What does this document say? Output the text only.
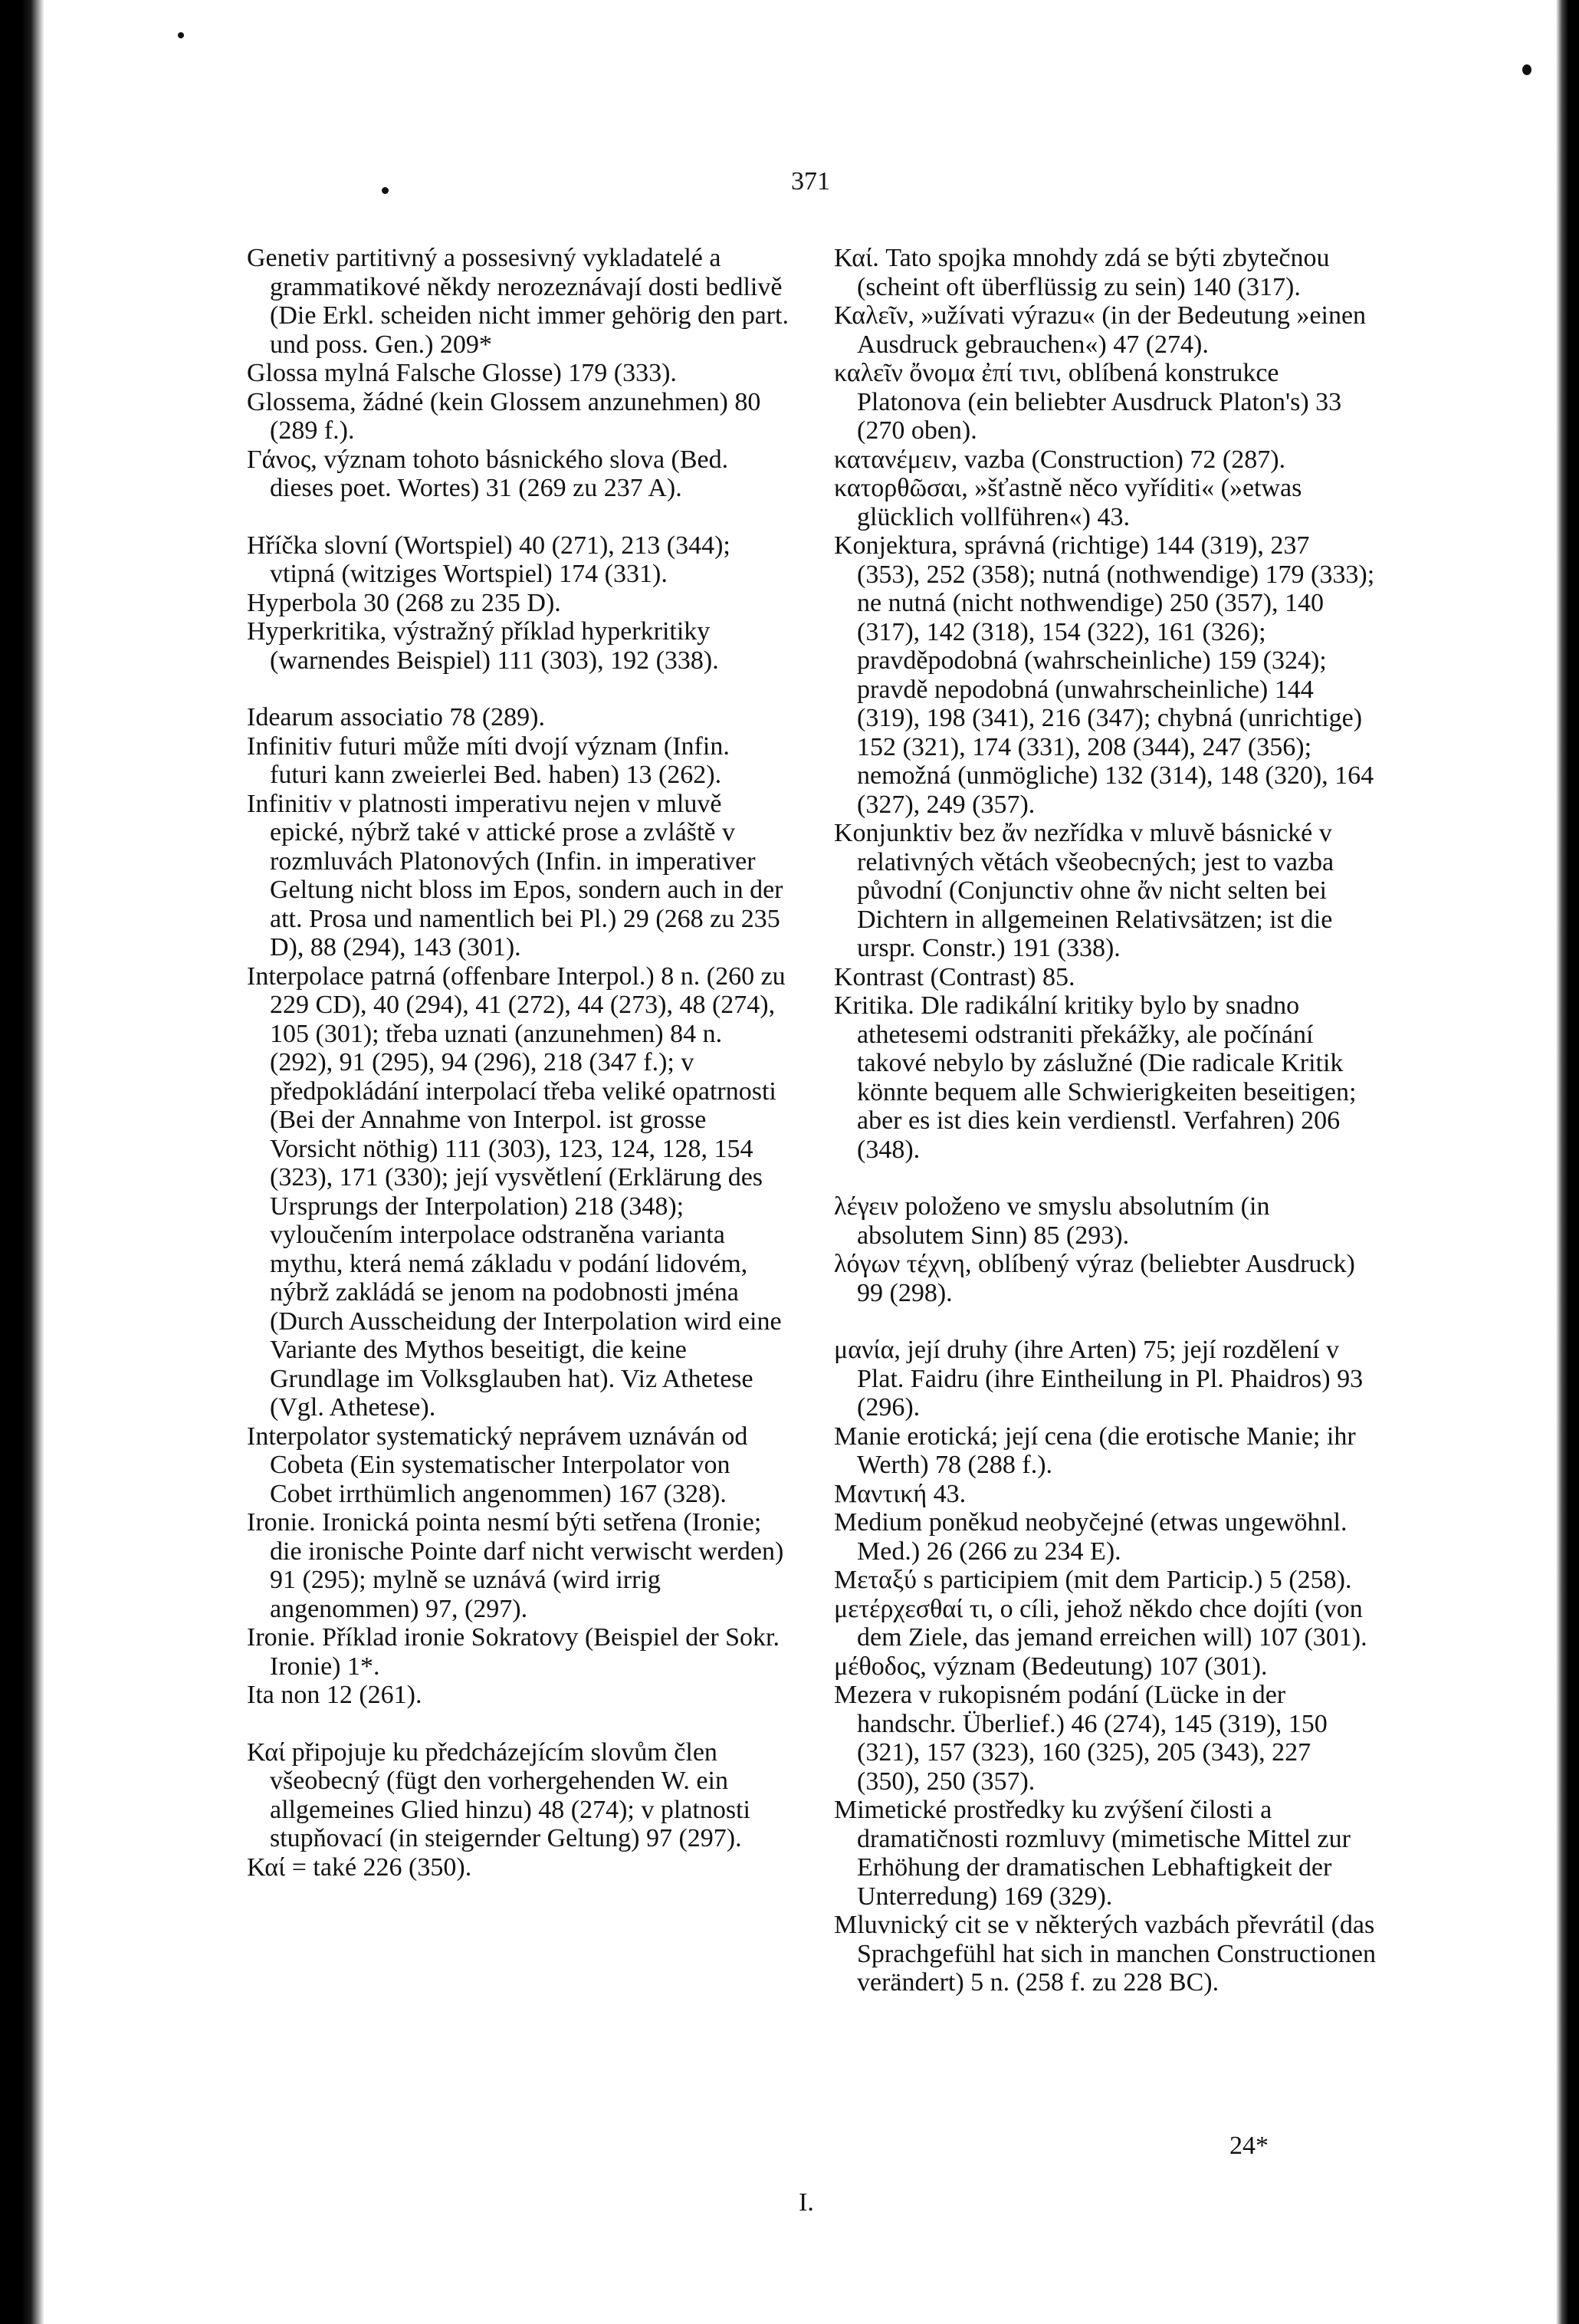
371

Genetiv partitivný a possesivný vykladatelé a grammatikové někdy nerozeznávají dosti bedlivě (Die Erkl. scheiden nicht immer gehörig den part. und poss. Gen.) 209*

Glossa mylná Falsche Glosse) 179 (333).

Glossema, žádné (kein Glossem anzunehmen) 80 (289 f.).

Γάνος, význam tohoto básnického slova (Bed. dieses poet. Wortes) 31 (269 zu 237 A).

Hříčka slovní (Wortspiel) 40 (271), 213 (344); vtipná (witziges Wortspiel) 174 (331).

Hyperbola 30 (268 zu 235 D).

Hyperkritika, výstražný příklad hyperkritiky (warnendes Beispiel) 111 (303), 192 (338).

Idearum associatio 78 (289).

Infinitiv futuri může míti dvojí význam (Infin. futuri kann zweierlei Bed. haben) 13 (262).

Infinitiv v platnosti imperativu nejen v mluvě epické, nýbrž také v attické prose a zvláště v rozmluvách Platonových (Infin. in imperativer Geltung nicht bloss im Epos, sondern auch in der att. Prosa und namentlich bei Pl.) 29 (268 zu 235 D), 88 (294), 143 (301).

Interpolace patrná (offenbare Interpol.) 8 n. (260 zu 229 CD), 40 (294), 41 (272), 44 (273), 48 (274), 105 (301); třeba uznati (anzunehmen) 84 n. (292), 91 (295), 94 (296), 218 (347 f.); v předpokládání interpolací třeba veliké opatrnosti (Bei der Annahme von Interpol. ist grosse Vorsicht nöthig) 111 (303), 123, 124, 128, 154 (323), 171 (330); její vysvětlení (Erklärung des Ursprungs der Interpolation) 218 (348); vyloučením interpolace odstraněna varianta mythu, která nemá základu v podání lidovém, nýbrž zakládá se jenom na podobnosti jména (Durch Ausscheidung der Interpolation wird eine Variante des Mythos beseitigt, die keine Grundlage im Volksglauben hat). Viz Athetese (Vgl. Athetese).

Interpolator systematický neprávem uznáván od Cobeta (Ein systematischer Interpolator von Cobet irrthümlich angenommen) 167 (328).

Ironie. Ironická pointa nesmí býti setřena (Ironie; die ironische Pointe darf nicht verwischt werden) 91 (295); mylně se uznává (wird irrig angenommen) 97, (297).

Ironie. Příklad ironie Sokratovy (Beispiel der Sokr. Ironie) 1*.

Ita non 12 (261).

Καί připojuje ku předcházejícím slovům člen všeobecný (fügt den vorhergehenden W. ein allgemeines Glied hinzu) 48 (274); v platnosti stupňovací (in steigernder Geltung) 97 (297).

Καί = také 226 (350).

Καί. Tato spojka mnohdy zdá se býti zbytečnou (scheint oft überflüssig zu sein) 140 (317).

Καλεῖν, »užívati výrazu« (in der Bedeutung »einen Ausdruck gebrauchen«) 47 (274).

καλεῖν ὄνομα ἐπί τινι, oblíbená konstrukce Platonova (ein beliebter Ausdruck Platon's) 33 (270 oben).

κατανέμειν, vazba (Construction) 72 (287).

κατορθῶσαι, »šťastně něco vyříditi« (»etwas glücklich vollführen«) 43.

Konjektura, správná (richtige) 144 (319), 237 (353), 252 (358); nutná (nothwendige) 179 (333); ne nutná (nicht nothwendige) 250 (357), 140 (317), 142 (318), 154 (322), 161 (326); pravděpodobná (wahrscheinliche) 159 (324); pravdě nepodobná (unwahrscheinliche) 144 (319), 198 (341), 216 (347); chybná (unrichtige) 152 (321), 174 (331), 208 (344), 247 (356); nemožná (unmögliche) 132 (314), 148 (320), 164 (327), 249 (357).

Konjunktiv bez ἄν nezřídka v mluvě básnické v relativných větách všeobecných; jest to vazba původní (Conjunctiv ohne ἄν nicht selten bei Dichtern in allgemeinen Relativsätzen; ist die urspr. Constr.) 191 (338).

Kontrast (Contrast) 85.

Kritika. Dle radikální kritiky bylo by snadno athetesemi odstraniti překážky, ale počínání takové nebylo by záslužné (Die radicale Kritik könnte bequem alle Schwierigkeiten beseitigen; aber es ist dies kein verdienstl. Verfahren) 206 (348).

λέγειν položeno ve smyslu absolutním (in absolutem Sinn) 85 (293).

λόγων τέχνη, oblíbený výraz (beliebter Ausdruck) 99 (298).

μανία, její druhy (ihre Arten) 75; její rozdělení v Plat. Faidru (ihre Eintheilung in Pl. Phaidros) 93 (296).

Manie erotická; její cena (die erotische Manie; ihr Werth) 78 (288 f.).

Μαντική 43.

Medium poněkud neobyčejné (etwas ungewöhnl. Med.) 26 (266 zu 234 E).

Μεταξύ s participiem (mit dem Particip.) 5 (258).

μετέρχεσθαί τι, o cíli, jehož někdo chce dojíti (von dem Ziele, das jemand erreichen will) 107 (301).

μέθοδος, význam (Bedeutung) 107 (301).

Mezera v rukopisném podání (Lücke in der handschr. Überlief.) 46 (274), 145 (319), 150 (321), 157 (323), 160 (325), 205 (343), 227 (350), 250 (357).

Mimetické prostředky ku zvýšení čilosti a dramatičnosti rozmluvy (mimetische Mittel zur Erhöhung der dramatischen Lebhaftigkeit der Unterredung) 169 (329).

Mluvnický cit se v některých vazbách převrátil (das Sprachgefühl hat sich in manchen Constructionen verändert) 5 n. (258 f. zu 228 BC).

24*
I.
